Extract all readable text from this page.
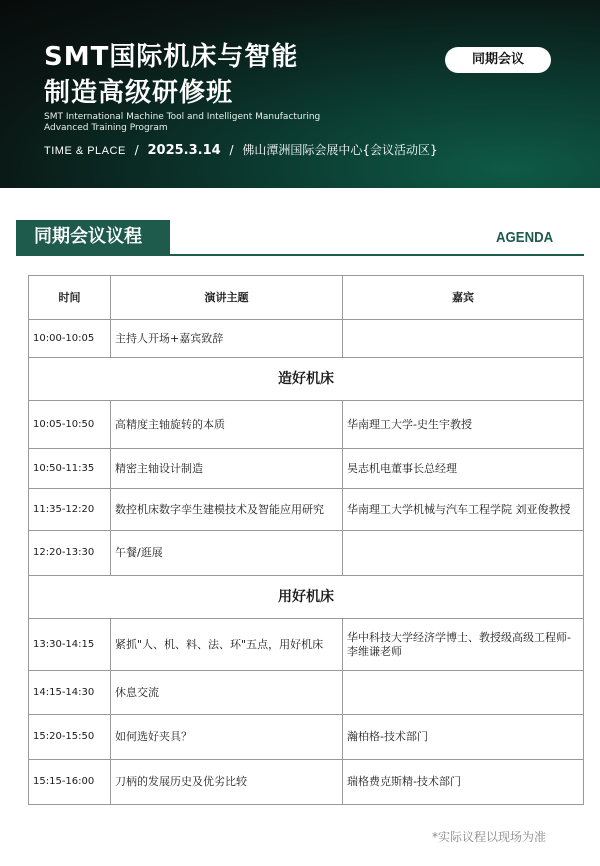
SMT国际机床与智能
制造高级研修班
SMT International Machine Tool and Intelligent Manufacturing
Advanced Training Program
TIME & PLACE / 2025.3.14 / 佛山潭洲国际会展中心{会议活动区}
同期会议
同期会议议程	AGENDA
时间	演讲主题	嘉宾
10:00-10:05	主持人开场+嘉宾致辞	
造好机床		
10:05-10:50	高精度主轴旋转的本质	华南理工大学-史生宇教授
10:50-11:35	精密主轴设计制造	昊志机电董事长总经理
11:35-12:20	数控机床数字孪生建模技术及智能应用研究	华南理工大学机械与汽车工程学院 刘亚俊教授
12:20-13:30	午餐/逛展	
用好机床		
13:30-14:15	紧抓"人、机、料、法、环"五点，用好机床	华中科技大学经济学博士、教授级高级工程师-李维谦老师
14:15-14:30	休息交流	
15:20-15:50	如何选好夹具？	瀚柏格-技术部门
15:15-16:00	刀柄的发展历史及优劣比较	瑞格费克斯精-技术部门
*实际议程以现场为准
